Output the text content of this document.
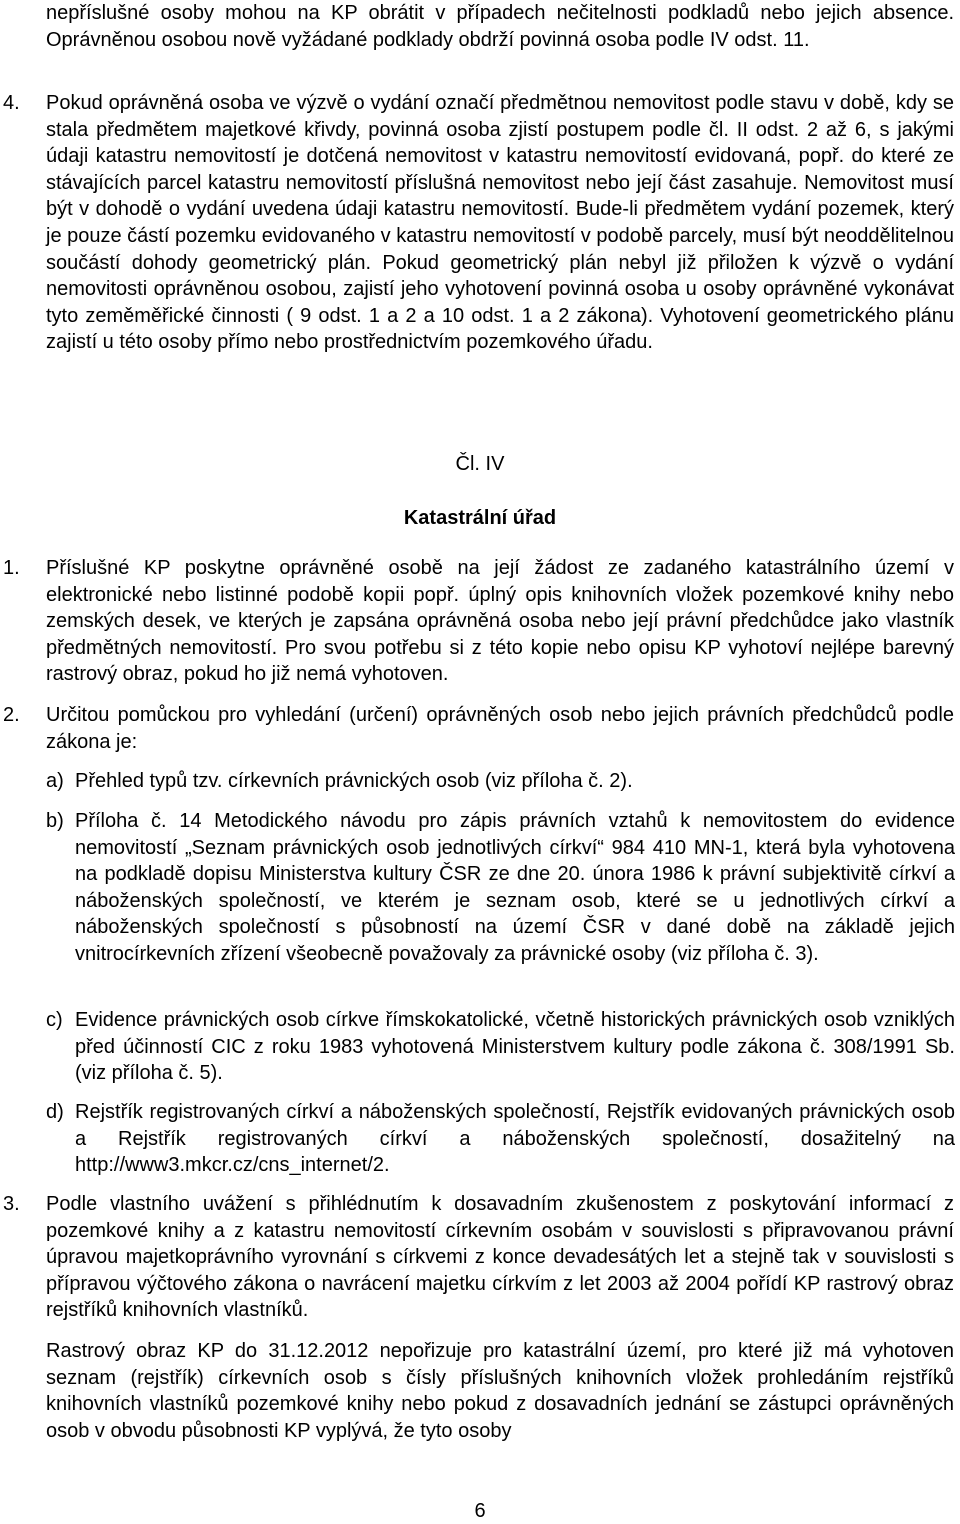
nepříslušné osoby mohou na KP obrátit v případech nečitelnosti podkladů nebo jejich absence. Oprávněnou osobou nově vyžádané podklady obdrží povinná osoba podle IV odst. 11.

4. Pokud oprávněná osoba ve výzvě o vydání označí předmětnou nemovitost podle stavu v době, kdy se stala předmětem majetkové křivdy, povinná osoba zjistí postupem podle čl. II odst. 2 až 6, s jakými údaji katastru nemovitostí je dotčená nemovitost v katastru nemovitostí evidovaná, popř. do které ze stávajících parcel katastru nemovitostí příslušná nemovitost nebo její část zasahuje. Nemovitost musí být v dohodě o vydání uvedena údaji katastru nemovitostí. Bude-li předmětem vydání pozemek, který je pouze částí pozemku evidovaného v katastru nemovitostí v podobě parcely, musí být neoddělitelnou součástí dohody geometrický plán. Pokud geometrický plán nebyl již přiložen k výzvě o vydání nemovitosti oprávněnou osobou, zajistí jeho vyhotovení povinná osoba u osoby oprávněné vykonávat tyto zeměměřické činnosti ( 9 odst. 1 a 2 a 10 odst. 1 a 2 zákona). Vyhotovení geometrického plánu zajistí u této osoby přímo nebo prostřednictvím pozemkového úřadu.

Čl. IV
Katastrální úřad
1. Příslušné KP poskytne oprávněné osobě na její žádost ze zadaného katastrálního území v elektronické nebo listinné podobě kopii popř. úplný opis knihovních vložek pozemkové knihy nebo zemských desek, ve kterých je zapsána oprávněná osoba nebo její právní předchůdce jako vlastník předmětných nemovitostí. Pro svou potřebu si z této kopie nebo opisu KP vyhotoví nejlépe barevný rastrový obraz, pokud ho již nemá vyhotoven.

2. Určitou pomůckou pro vyhledání (určení) oprávněných osob nebo jejich právních předchůdců podle zákona je:

a) Přehled typů tzv. církevních právnických osob (viz příloha č. 2).

b) Příloha č. 14 Metodického návodu pro zápis právních vztahů k nemovitostem do evidence nemovitostí „Seznam právnických osob jednotlivých církví“ 984 410 MN-1, která byla vyhotovena na podkladě dopisu Ministerstva kultury ČSR ze dne 20. února 1986 k právní subjektivitě církví a náboženských společností, ve kterém je seznam osob, které se u jednotlivých církví a náboženských společností s působností na území ČSR v dané době na základě jejich vnitrocírkevních zřízení všeobecně považovaly za právnické osoby (viz příloha č. 3).

c) Evidence právnických osob církve římskokatolické, včetně historických právnických osob vzniklých před účinností CIC z roku 1983 vyhotovená Ministerstvem kultury podle zákona č. 308/1991 Sb. (viz příloha č. 5).

d) Rejstřík registrovaných církví a náboženských společností, Rejstřík evidovaných právnických osob a Rejstřík registrovaných církví a náboženských společností, dosažitelný na http://www3.mkcr.cz/cns_internet/2.

3. Podle vlastního uvážení s přihlédnutím k dosavadním zkušenostem z poskytování informací z pozemkové knihy a z katastru nemovitostí církevním osobám v souvislosti s připravovanou právní úpravou majetkoprávního vyrovnání s církvemi z konce devadesátých let a stejně tak v souvislosti s přípravou výčtového zákona o navrácení majetku církvím z let 2003 až 2004 pořídí KP rastrový obraz rejstříků knihovních vlastníků.

Rastrový obraz KP do 31.12.2012 nepořizuje pro katastrální území, pro které již má vyhotoven seznam (rejstřík) církevních osob s čísly příslušných knihovních vložek prohledáním rejstříků knihovních vlastníků pozemkové knihy nebo pokud z dosavadních jednání se zástupci oprávněných osob v obvodu působnosti KP vyplývá, že tyto osoby

6
